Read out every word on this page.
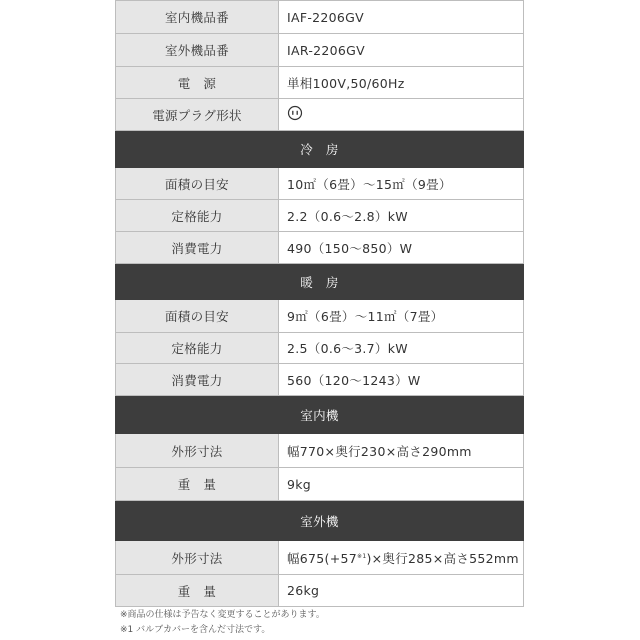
室内機品番	IAF-2206GV
室外機品番	IAR-2206GV
電　源	単相100V,50/60Hz
電源プラグ形状	
冷　房	
面積の目安	10㎡（6畳）～15㎡（9畳）
定格能力	2.2（0.6～2.8）kW
消費電力	490（150～850）W
暖　房	
面積の目安	9㎡（6畳）～11㎡（7畳）
定格能力	2.5（0.6～3.7）kW
消費電力	560（120～1243）W
室内機	
外形寸法	幅770×奥行230×高さ290mm
重　量	9kg
室外機	
外形寸法	幅$675(+57^{※1})\times$奥行285×高さ552mm
重　量	26kg
※商品の仕様は予告なく変更することがあります。
※1 バルブカバーを含んだ寸法です。
